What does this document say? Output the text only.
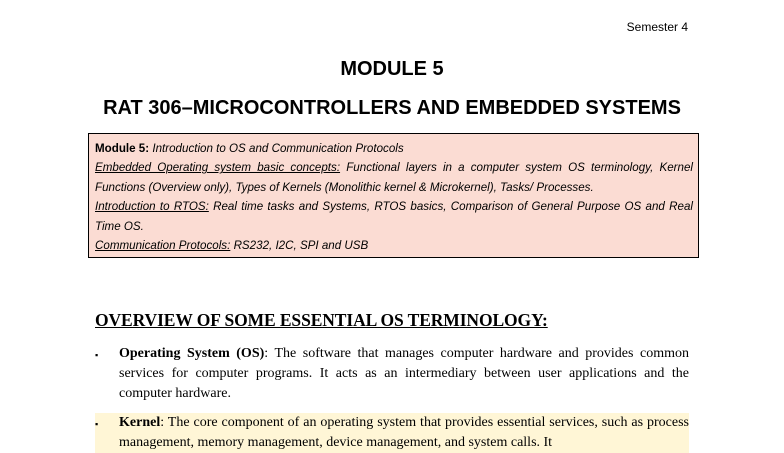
Semester 4
MODULE 5
RAT 306–MICROCONTROLLERS AND EMBEDDED SYSTEMS

Module 5: Introduction to OS and Communication Protocols

Embedded Operating system basic concepts: Functional layers in a computer system OS terminology, Kernel Functions (Overview only), Types of Kernels (Monolithic kernel & Microkernel), Tasks/ Processes.

Introduction to RTOS: Real time tasks and Systems, RTOS basics, Comparison of General Purpose OS and Real Time OS.

Communication Protocols: RS232, I2C, SPI and USB

OVERVIEW OF SOME ESSENTIAL OS TERMINOLOGY:
▪ Operating System (OS): The software that manages computer hardware and provides common services for computer programs. It acts as an intermediary between user applications and the computer hardware.
▪ Kernel: The core component of an operating system that provides essential services, such as process management, memory management, device management, and system calls. It
